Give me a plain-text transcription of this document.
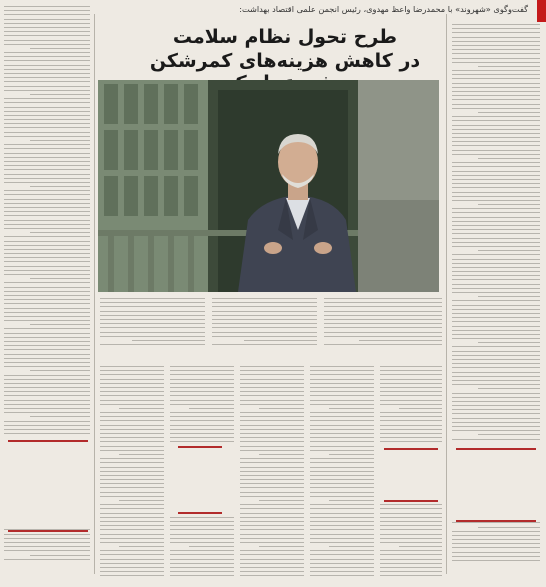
گفت‌وگوی «شهروند» با محمدرضا واعظ‌ مهدوی، رئیس انجمن علمی اقتصاد بهداشت:
طرح تحول نظام سلامت
در کاهش هزینه‌های کمرشکن
